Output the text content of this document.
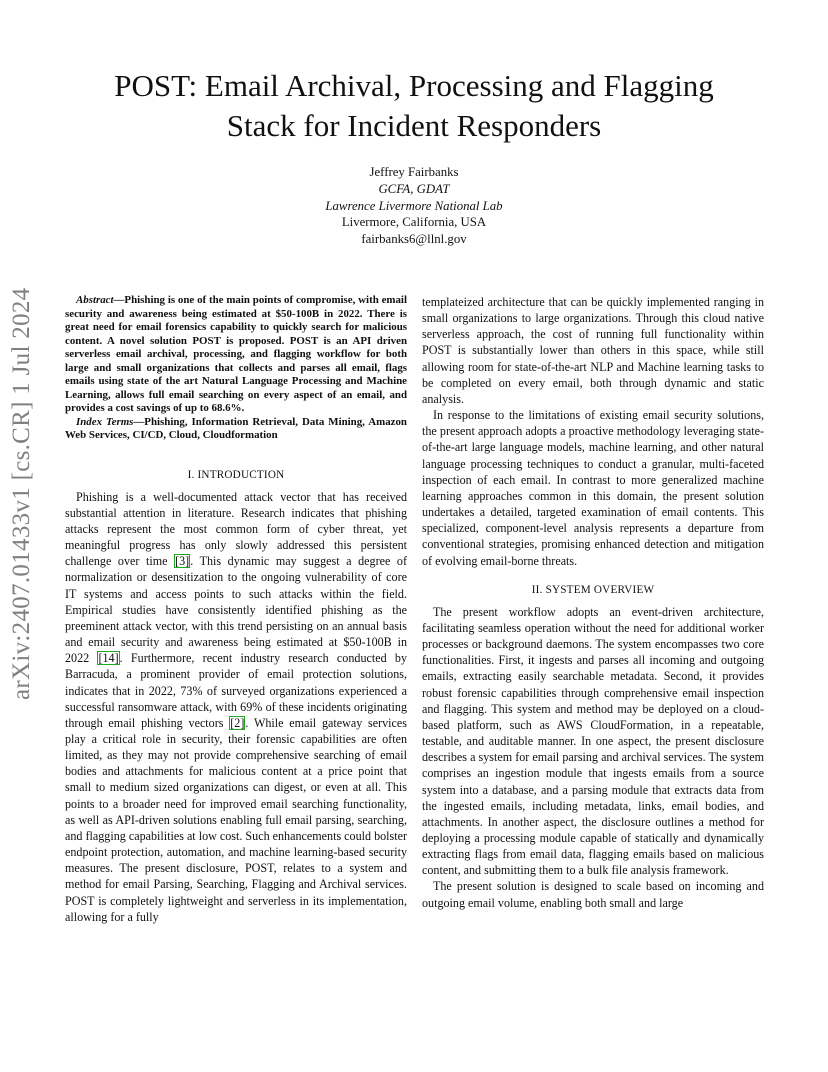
arXiv:2407.01433v1 [cs.CR] 1 Jul 2024
POST: Email Archival, Processing and Flagging
Stack for Incident Responders
Jeffrey Fairbanks
GCFA, GDAT
Lawrence Livermore National Lab
Livermore, California, USA
fairbanks6@llnl.gov

Abstract—Phishing is one of the main points of compromise, with email security and awareness being estimated at $50-100B in 2022. There is great need for email forensics capability to quickly search for malicious content. A novel solution POST is proposed. POST is an API driven serverless email archival, processing, and flagging workflow for both large and small organizations that collects and parses all email, flags emails using state of the art Natural Language Processing and Machine Learning, allows full email searching on every aspect of an email, and provides a cost savings of up to 68.6%.

Index Terms—Phishing, Information Retrieval, Data Mining, Amazon Web Services, CI/CD, Cloud, Cloudformation

I. INTRODUCTION

Phishing is a well-documented attack vector that has received substantial attention in literature. Research indicates that phishing attacks represent the most common form of cyber threat, yet meaningful progress has only slowly addressed this persistent challenge over time [3]. This dynamic may suggest a degree of normalization or desensitization to the ongoing vulnerability of core IT systems and access points to such attacks within the field. Empirical studies have consistently identified phishing as the preeminent attack vector, with this trend persisting on an annual basis and email security and awareness being estimated at $50-100B in 2022 [14]. Furthermore, recent industry research conducted by Barracuda, a prominent provider of email protection solutions, indicates that in 2022, 73% of surveyed organizations experienced a successful ransomware attack, with 69% of these incidents originating through email phishing vectors [2]. While email gateway services play a critical role in security, their forensic capabilities are often limited, as they may not provide comprehensive searching of email bodies and attachments for malicious content at a price point that small to medium sized organizations can digest, or even at all. This points to a broader need for improved email searching functionality, as well as API-driven solutions enabling full email parsing, searching, and flagging capabilities at low cost. Such enhancements could bolster endpoint protection, automation, and machine learning-based security measures. The present disclosure, POST, relates to a system and method for email Parsing, Searching, Flagging and Archival services. POST is completely lightweight and serverless in its implementation, allowing for a fully

templateized architecture that can be quickly implemented ranging in small organizations to large organizations. Through this cloud native serverless approach, the cost of running full functionality within POST is substantially lower than others in this space, while still allowing room for state-of-the-art NLP and Machine learning tasks to be completed on every email, both through dynamic and static analysis.

In response to the limitations of existing email security solutions, the present approach adopts a proactive methodology leveraging state-of-the-art large language models, machine learning, and other natural language processing techniques to conduct a granular, multi-faceted inspection of each email. In contrast to more generalized machine learning approaches common in this domain, the present solution undertakes a detailed, targeted examination of email contents. This specialized, component-level analysis represents a departure from conventional strategies, promising enhanced detection and mitigation of evolving email-borne threats.

II. SYSTEM OVERVIEW

The present workflow adopts an event-driven architecture, facilitating seamless operation without the need for additional worker processes or background daemons. The system encompasses two core functionalities. First, it ingests and parses all incoming and outgoing emails, extracting easily searchable metadata. Second, it provides robust forensic capabilities through comprehensive email inspection and flagging. This system and method may be deployed on a cloud-based platform, such as AWS CloudFormation, in a repeatable, testable, and auditable manner. In one aspect, the present disclosure describes a system for email parsing and archival services. The system comprises an ingestion module that ingests emails from a source system into a database, and a parsing module that extracts data from the ingested emails, including metadata, links, email bodies, and attachments. In another aspect, the disclosure outlines a method for deploying a processing module capable of statically and dynamically extracting flags from email data, flagging emails based on malicious content, and submitting them to a bulk file analysis framework.

The present solution is designed to scale based on incoming and outgoing email volume, enabling both small and large
